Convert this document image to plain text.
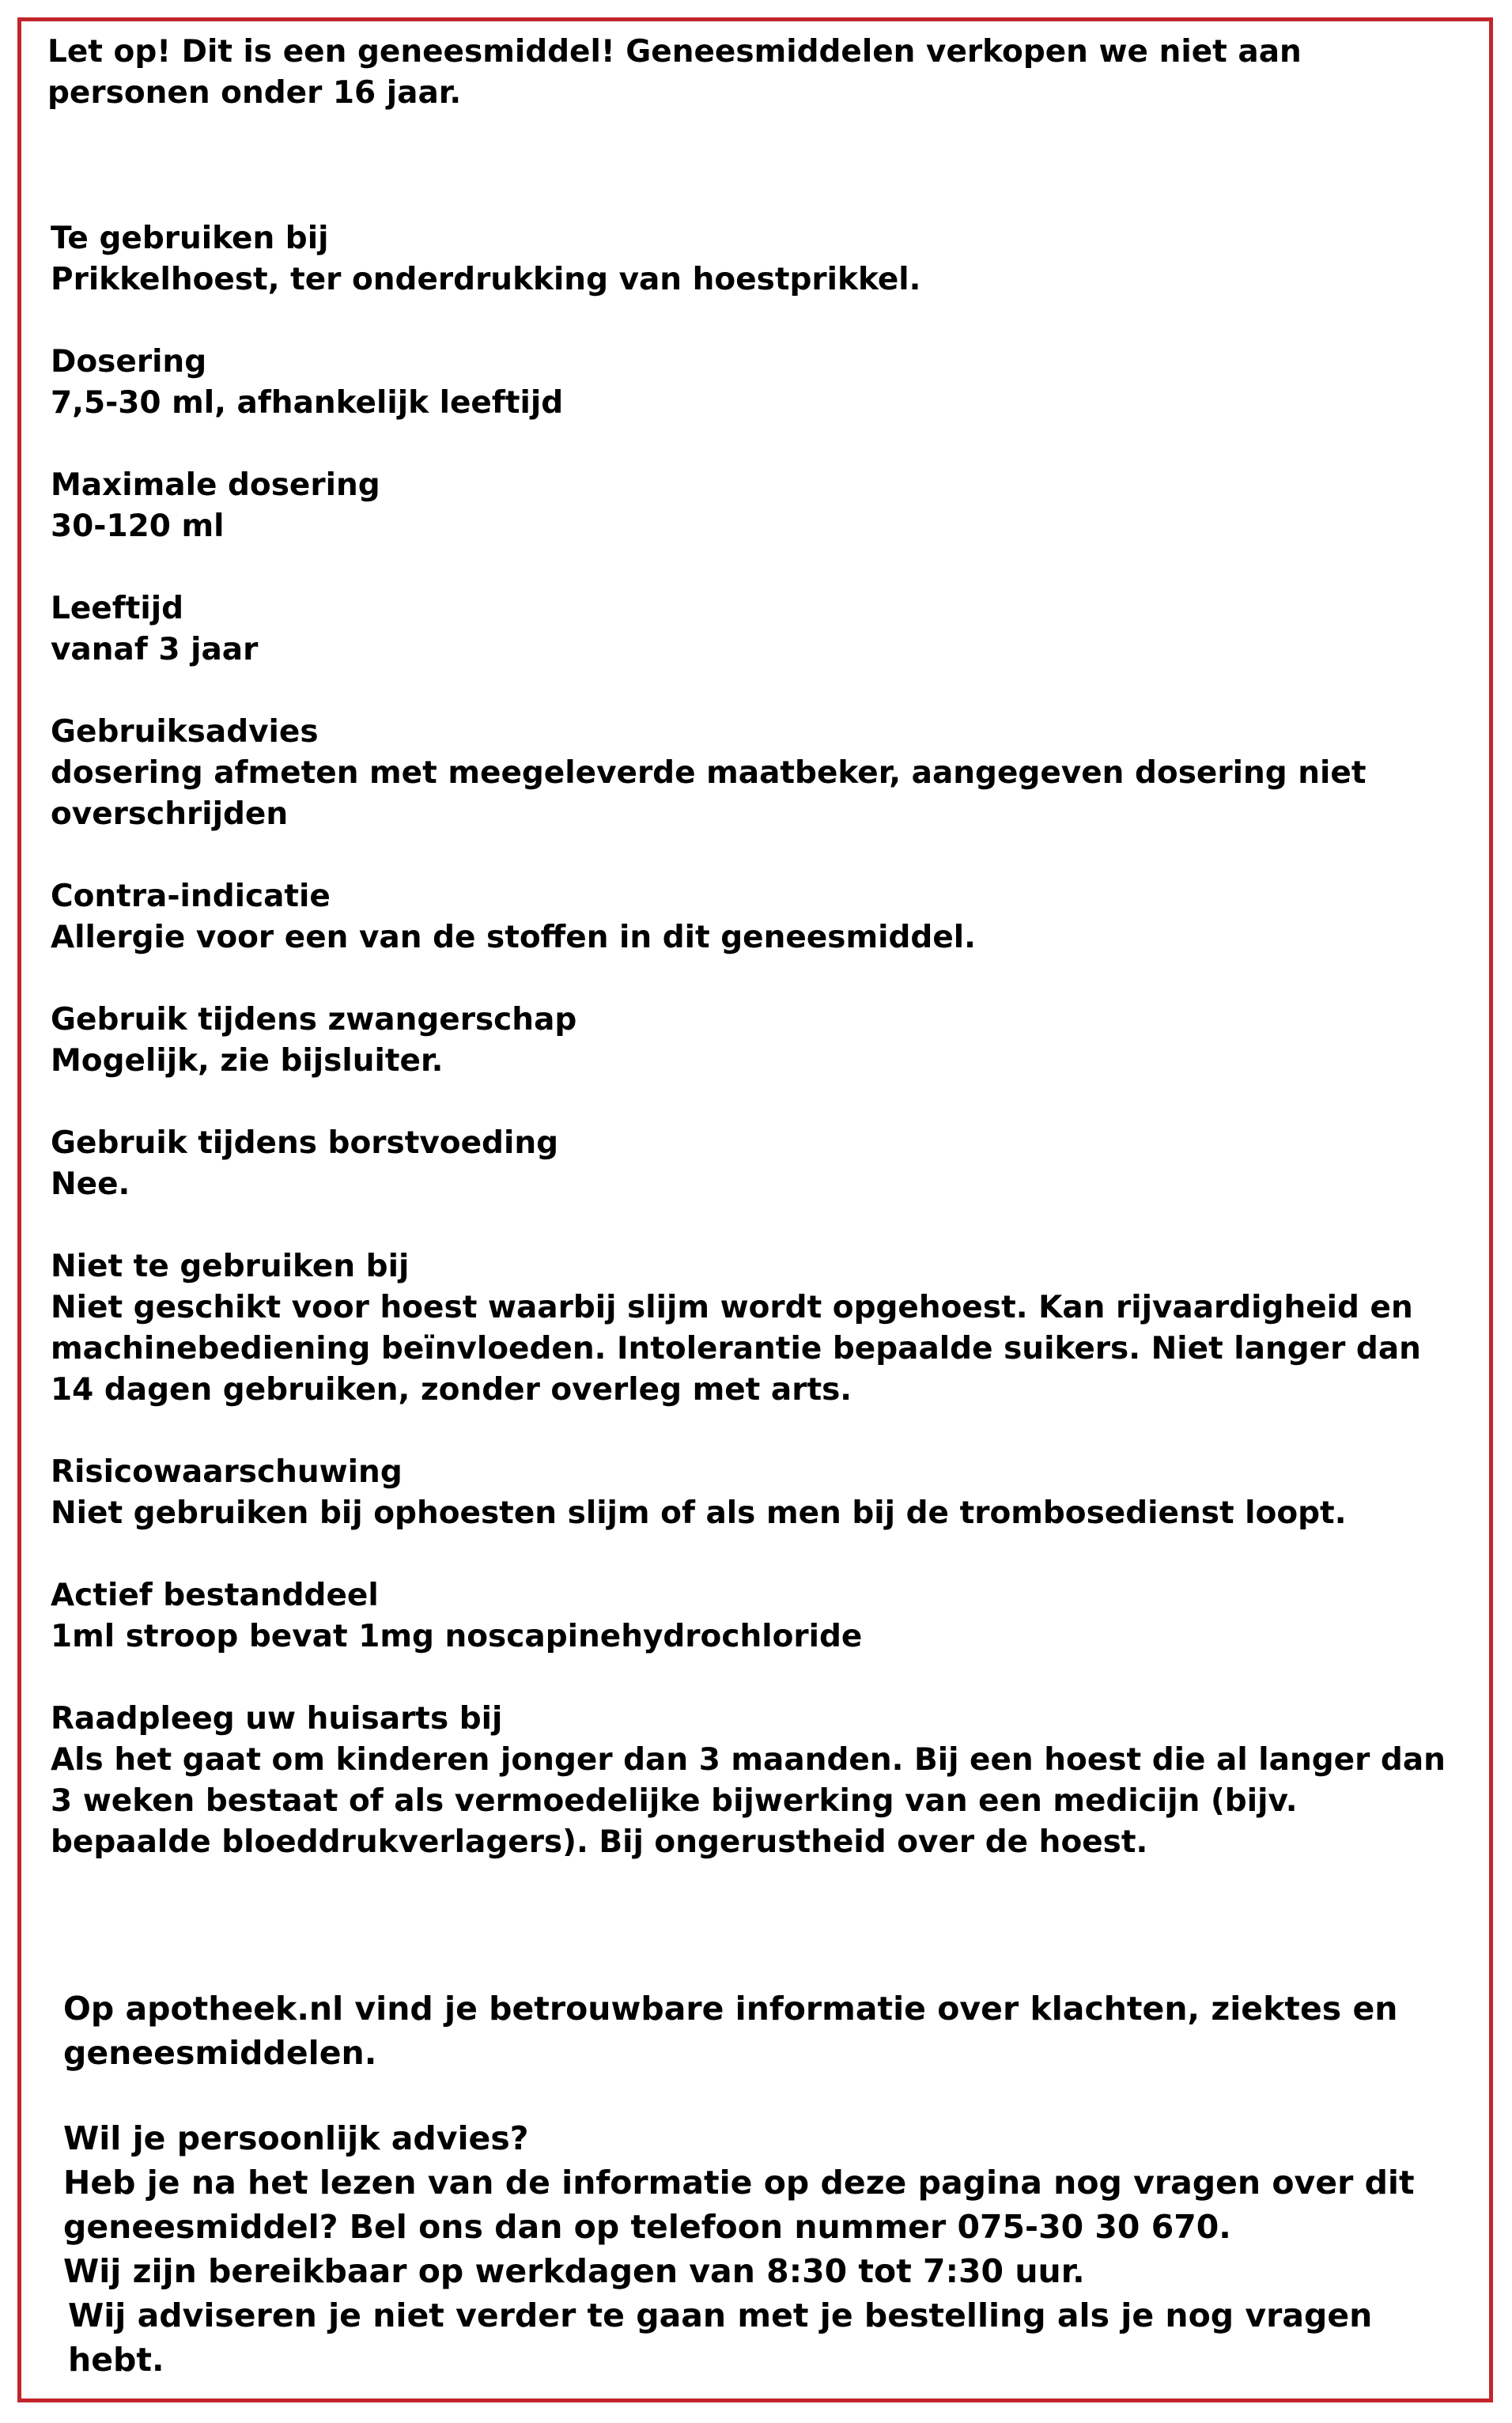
Let op! Dit is een geneesmiddel! Geneesmiddelen verkopen we niet aan personen onder 16 jaar.

Te gebruiken bij
Prikkelhoest, ter onderdrukking van hoestprikkel.
Dosering
7,5-30 ml, afhankelijk leeftijd
Maximale dosering
30-120 ml
Leeftijd
vanaf 3 jaar
Gebruiksadvies
dosering afmeten met meegeleverde maatbeker, aangegeven dosering niet overschrijden
Contra-indicatie
Allergie voor een van de stoffen in dit geneesmiddel.
Gebruik tijdens zwangerschap
Mogelijk, zie bijsluiter.
Gebruik tijdens borstvoeding
Nee.
Niet te gebruiken bij
Niet geschikt voor hoest waarbij slijm wordt opgehoest. Kan rijvaardigheid en machinebediening beïnvloeden. Intolerantie bepaalde suikers. Niet langer dan 14 dagen gebruiken, zonder overleg met arts.
Risicowaarschuwing
Niet gebruiken bij ophoesten slijm of als men bij de trombosedienst loopt.
Actief bestanddeel
1ml stroop bevat 1mg noscapinehydrochloride
Raadpleeg uw huisarts bij
Als het gaat om kinderen jonger dan 3 maanden. Bij een hoest die al langer dan 3 weken bestaat of als vermoedelijke bijwerking van een medicijn (bijv. bepaalde bloeddrukverlagers). Bij ongerustheid over de hoest.

Op apotheek.nl vind je betrouwbare informatie over klachten, ziektes en geneesmiddelen.

Wil je persoonlijk advies?

Heb je na het lezen van de informatie op deze pagina nog vragen over dit geneesmiddel? Bel ons dan op telefoon nummer 075-30 30 670.

Wij zijn bereikbaar op werkdagen van 8:30 tot 7:30 uur.

Wij adviseren je niet verder te gaan met je bestelling als je nog vragen hebt.
